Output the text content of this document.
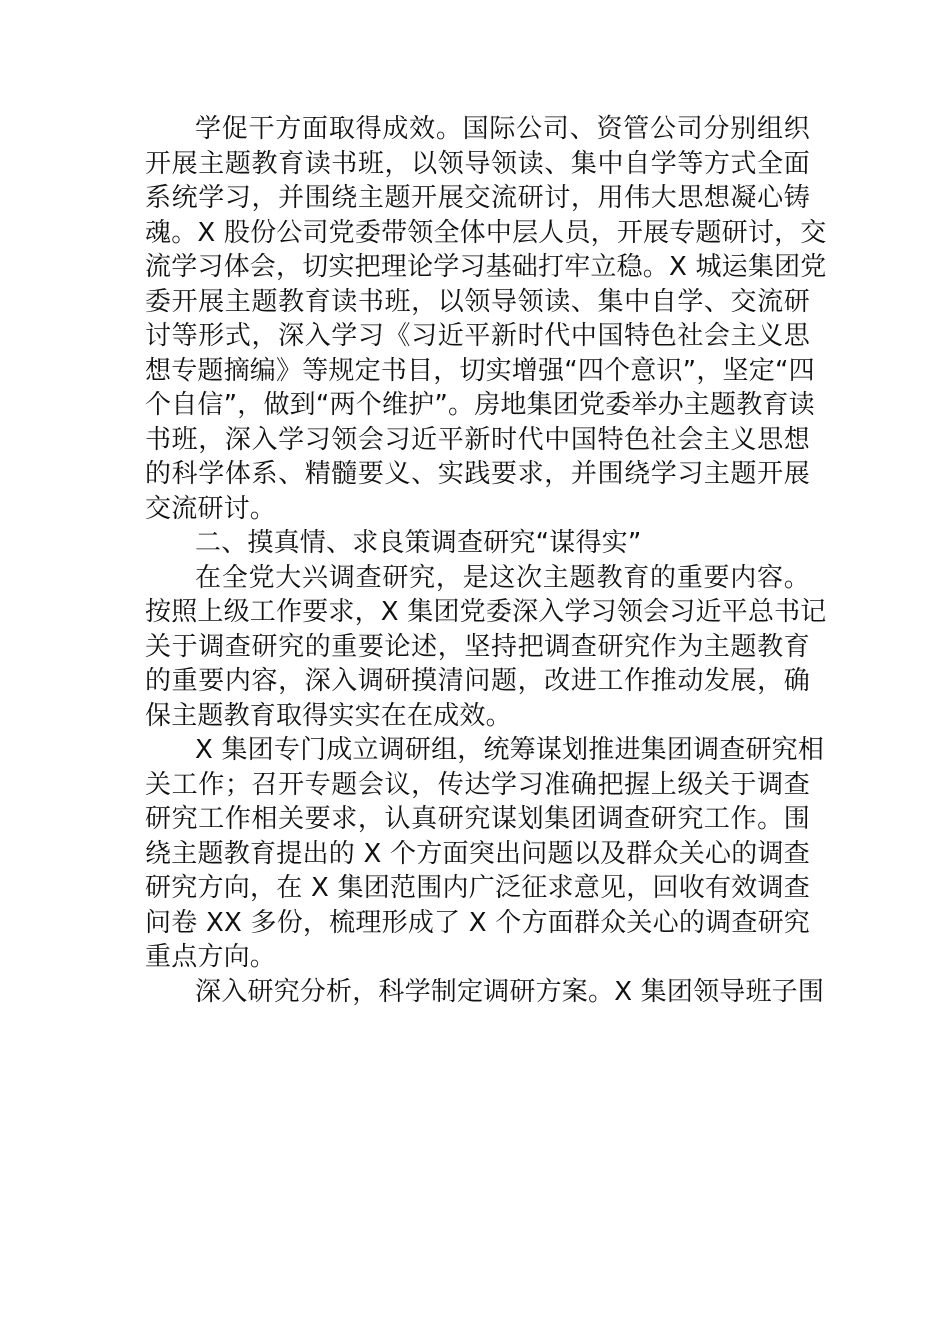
学促干方面取得成效。国际公司、资管公司分别组织
开展主题教育读书班，以领导领读、集中自学等方式全面
系统学习，并围绕主题开展交流研讨，用伟大思想凝心铸
魂。X 股份公司党委带领全体中层人员，开展专题研讨，交
流学习体会，切实把理论学习基础打牢立稳。X 城运集团党
委开展主题教育读书班，以领导领读、集中自学、交流研
讨等形式，深入学习《习近平新时代中国特色社会主义思
想专题摘编》等规定书目，切实增强“四个意识”，坚定“四
个自信”，做到“两个维护”。房地集团党委举办主题教育读
书班，深入学习领会习近平新时代中国特色社会主义思想
的科学体系、精髓要义、实践要求，并围绕学习主题开展
交流研讨。
二、摸真情、求良策调查研究“谋得实”
在全党大兴调查研究，是这次主题教育的重要内容。
按照上级工作要求，X 集团党委深入学习领会习近平总书记
关于调查研究的重要论述，坚持把调查研究作为主题教育
的重要内容，深入调研摸清问题，改进工作推动发展，确
保主题教育取得实实在在成效。
X 集团专门成立调研组，统筹谋划推进集团调查研究相
关工作；召开专题会议，传达学习准确把握上级关于调查
研究工作相关要求，认真研究谋划集团调查研究工作。围
绕主题教育提出的 X 个方面突出问题以及群众关心的调查
研究方向，在 X 集团范围内广泛征求意见，回收有效调查
问卷 XX 多份，梳理形成了 X 个方面群众关心的调查研究
重点方向。
深入研究分析，科学制定调研方案。X 集团领导班子围
